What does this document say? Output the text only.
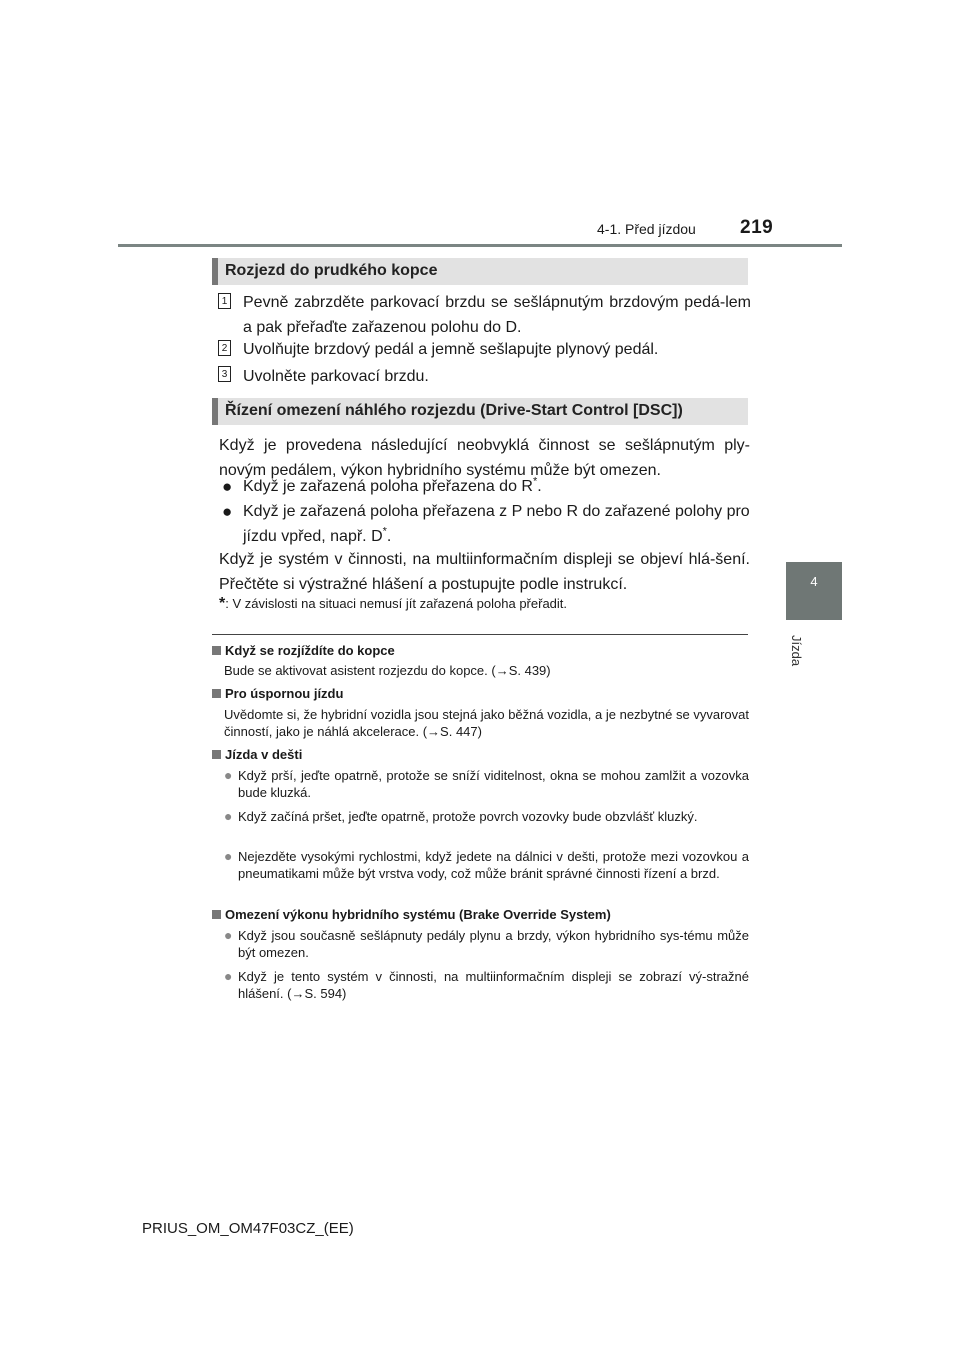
4-1. Před jízdou 219
4
Jízda
Rozjezd do prudkého kopce
1 Pevně zabrzděte parkovací brzdu se sešlápnutým brzdovým pedá-lem a pak přeřaďte zařazenou polohu do D.
2 Uvolňujte brzdový pedál a jemně sešlapujte plynový pedál.
3 Uvolněte parkovací brzdu.
Řízení omezení náhlého rozjezdu (Drive-Start Control [DSC])
Když je provedena následující neobvyklá činnost se sešlápnutým ply-novým pedálem, výkon hybridního systému může být omezen.
● Když je zařazená poloha přeřazena do R*.
● Když je zařazená poloha přeřazena z P nebo R do zařazené polohy pro jízdu vpřed, např. D*.
Když je systém v činnosti, na multiinformačním displeji se objeví hlá-šení. Přečtěte si výstražné hlášení a postupujte podle instrukcí.
*: V závislosti na situaci nemusí jít zařazená poloha přeřadit.
Když se rozjíždíte do kopce
Bude se aktivovat asistent rozjezdu do kopce. (→S. 439)
Pro úspornou jízdu
Uvědomte si, že hybridní vozidla jsou stejná jako běžná vozidla, a je nezbytné se vyvarovat činností, jako je náhlá akcelerace. (→S. 447)
Jízda v dešti
● Když prší, jeďte opatrně, protože se sníží viditelnost, okna se mohou zamlžit a vozovka bude kluzká.
● Když začíná pršet, jeďte opatrně, protože povrch vozovky bude obzvlášť kluzký.
● Nejezděte vysokými rychlostmi, když jedete na dálnici v dešti, protože mezi vozovkou a pneumatikami může být vrstva vody, což může bránit správné činnosti řízení a brzd.
Omezení výkonu hybridního systému (Brake Override System)
● Když jsou současně sešlápnuty pedály plynu a brzdy, výkon hybridního sys-tému může být omezen.
● Když je tento systém v činnosti, na multiinformačním displeji se zobrazí vý-stražné hlášení. (→S. 594)
PRIUS_OM_OM47F03CZ_(EE)
